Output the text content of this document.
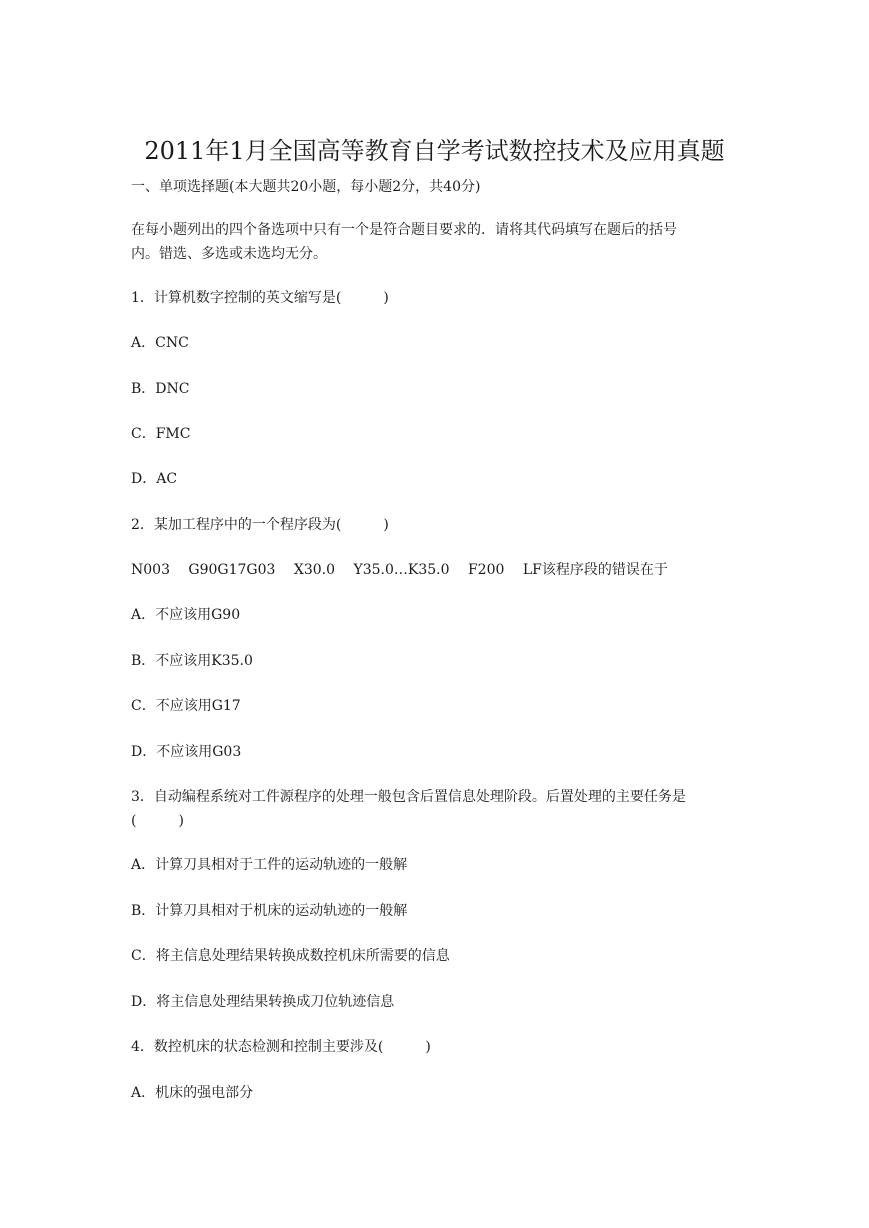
2011年1月全国高等教育自学考试数控技术及应用真题

一、单项选择题(本大题共20小题，每小题2分，共40分)

在每小题列出的四个备选项中只有一个是符合题目要求的．请将其代码填写在题后的括号

内。错选、多选或未选均无分。

1．计算机数字控制的英文缩写是(　　　)

A．CNC

B．DNC

C．FMC

D．AC

2．某加工程序中的一个程序段为(　　　)

N003　 G90G17G03　 X30.0　 Y35.0…K35.0　 F200　 LF该程序段的错误在于

A．不应该用G90

B．不应该用K35.0

C．不应该用G17

D．不应该用G03

3．自动编程系统对工件源程序的处理一般包含后置信息处理阶段。后置处理的主要任务是

(　　　)

A．计算刀具相对于工件的运动轨迹的一般解

B．计算刀具相对于机床的运动轨迹的一般解

C．将主信息处理结果转换成数控机床所需要的信息

D．将主信息处理结果转换成刀位轨迹信息

4．数控机床的状态检测和控制主要涉及(　　　)

A．机床的强电部分
